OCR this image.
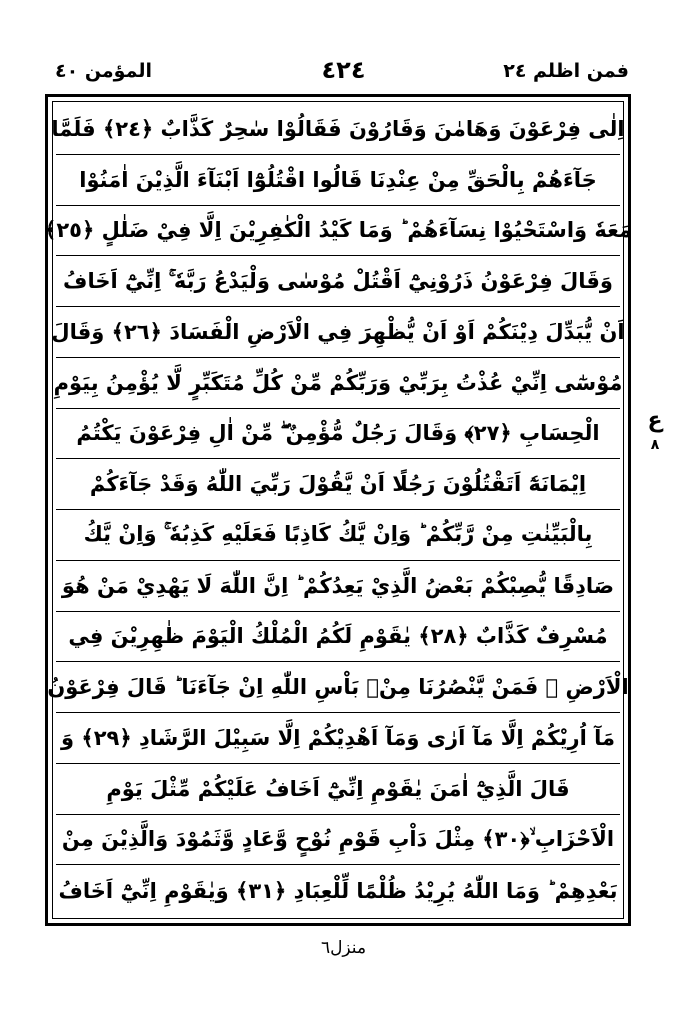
المؤمن ٤٠	٤٢٤	فمن اظلم ٢٤
اِلٰى فِرْعَوْنَ وَهَامٰنَ وَقَارُوْنَ فَقَالُوْا سٰحِرٌ كَذَّابٌ ﴿٢٤﴾ فَلَمَّا
جَآءَهُمْ بِالْحَقِّ مِنْ عِنْدِنَا قَالُوا اقْتُلُوْٓا اَبْنَآءَ الَّذِيْنَ اٰمَنُوْا
مَعَهٗ وَاسْتَحْيُوْا نِسَآءَهُمْ ؕ وَمَا كَيْدُ الْكٰفِرِيْنَ اِلَّا فِيْ ضَلٰلٍ ﴿٢٥﴾
وَقَالَ فِرْعَوْنُ ذَرُوْنِيْٓ اَقْتُلْ مُوْسٰى وَلْيَدْعُ رَبَّهٗ ۚ اِنِّيْٓ اَخَافُ
اَنْ يُّبَدِّلَ دِيْنَكُمْ اَوْ اَنْ يُّظْهِرَ فِي الْاَرْضِ الْفَسَادَ ﴿٢٦﴾ وَقَالَ
مُوْسٰٓى اِنِّيْ عُذْتُ بِرَبِّيْ وَرَبِّكُمْ مِّنْ كُلِّ مُتَكَبِّرٍ لَّا يُؤْمِنُ بِيَوْمِ
الْحِسَابِ ﴿٢٧﴾ وَقَالَ رَجُلٌ مُّؤْمِنٌ ۖ مِّنْ اٰلِ فِرْعَوْنَ يَكْتُمُ
اِيْمَانَهٗٓ اَتَقْتُلُوْنَ رَجُلًا اَنْ يَّقُوْلَ رَبِّيَ اللّٰهُ وَقَدْ جَآءَكُمْ
بِالْبَيِّنٰتِ مِنْ رَّبِّكُمْ ؕ وَاِنْ يَّكُ كَاذِبًا فَعَلَيْهِ كَذِبُهٗ ۚ وَاِنْ يَّكُ
صَادِقًا يُّصِبْكُمْ بَعْضُ الَّذِيْ يَعِدُكُمْ ؕ اِنَّ اللّٰهَ لَا يَهْدِيْ مَنْ هُوَ
مُسْرِفٌ كَذَّابٌ ﴿٢٨﴾ يٰقَوْمِ لَكُمُ الْمُلْكُ الْيَوْمَ ظٰهِرِيْنَ فِي
الْاَرْضِ ۫ فَمَنْ يَّنْصُرُنَا مِنْۢ بَاْسِ اللّٰهِ اِنْ جَآءَنَا ؕ قَالَ فِرْعَوْنُ
مَآ اُرِيْكُمْ اِلَّا مَآ اَرٰى وَمَآ اَهْدِيْكُمْ اِلَّا سَبِيْلَ الرَّشَادِ ﴿٢٩﴾ وَ
قَالَ الَّذِيْٓ اٰمَنَ يٰقَوْمِ اِنِّيْٓ اَخَافُ عَلَيْكُمْ مِّثْلَ يَوْمِ
الْاَحْزَابِ ۙ﴿٣٠﴾ مِثْلَ دَاْبِ قَوْمِ نُوْحٍ وَّعَادٍ وَّثَمُوْدَ وَالَّذِيْنَ مِنْ
بَعْدِهِمْ ؕ وَمَا اللّٰهُ يُرِيْدُ ظُلْمًا لِّلْعِبَادِ ﴿٣١﴾ وَيٰقَوْمِ اِنِّيْٓ اَخَافُ
ع
٨
منزل٦
